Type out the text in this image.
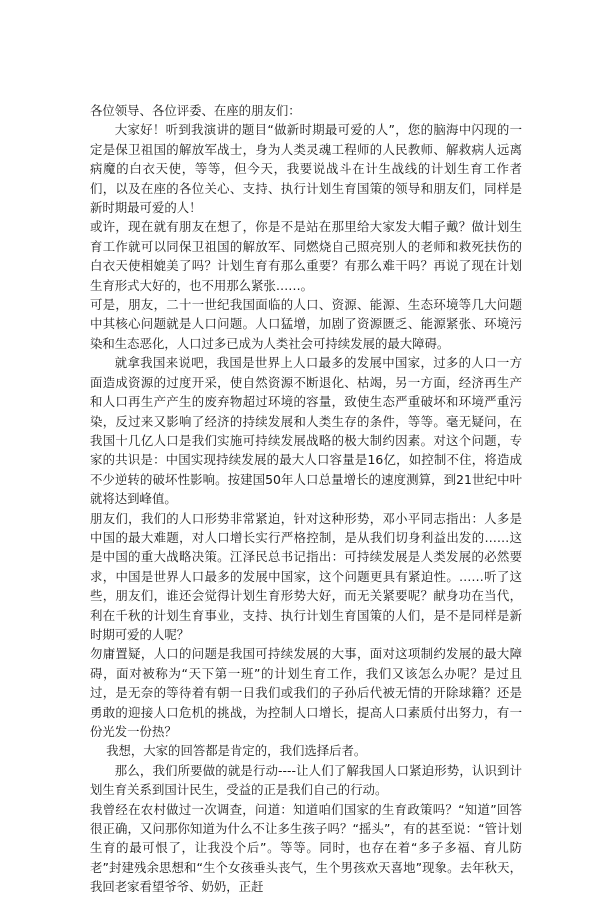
各位领导、各位评委、在座的朋友们：

大家好！听到我演讲的题目“做新时期最可爱的人”，您的脑海中闪现的一定是保卫祖国的解放军战士，身为人类灵魂工程师的人民教师、解救病人远离病魔的白衣天使，等等，但今天，我要说战斗在计生战线的计划生育工作者们，以及在座的各位关心、支持、执行计划生育国策的领导和朋友们，同样是新时期最可爱的人！

或许，现在就有朋友在想了，你是不是站在那里给大家发大帽子戴？做计划生育工作就可以同保卫祖国的解放军、同燃烧自己照亮别人的老师和救死扶伤的白衣天使相媲美了吗？计划生育有那么重要？有那么难干吗？再说了现在计划生育形式大好的，也不用那么紧张……。

可是，朋友，二十一世纪我国面临的人口、资源、能源、生态环境等几大问题中其核心问题就是人口问题。人口猛增，加剧了资源匮乏、能源紧张、环境污染和生态恶化，人口过多已成为人类社会可持续发展的最大障碍。

就拿我国来说吧，我国是世界上人口最多的发展中国家，过多的人口一方面造成资源的过度开采，使自然资源不断退化、枯竭，另一方面，经济再生产和人口再生产产生的废弃物超过环境的容量，致使生态严重破坏和环境严重污染，反过来又影响了经济的持续发展和人类生存的条件，等等。毫无疑问，在我国十几亿人口是我们实施可持续发展战略的极大制约因素。对这个问题，专家的共识是：中国实现持续发展的最大人口容量是16亿，如控制不住，将造成不少逆转的破坏性影响。按建国50年人口总量增长的速度测算，到21世纪中叶就将达到峰值。

朋友们，我们的人口形势非常紧迫，针对这种形势，邓小平同志指出：人多是中国的最大难题，对人口增长实行严格控制，是从我们切身利益出发的……这是中国的重大战略决策。江泽民总书记指出：可持续发展是人类发展的必然要求，中国是世界人口最多的发展中国家，这个问题更具有紧迫性。……听了这些，朋友们，谁还会觉得计划生育形势大好，而无关紧要呢？献身功在当代，利在千秋的计划生育事业，支持、执行计划生育国策的人们，是不是同样是新时期可爱的人呢？

勿庸置疑，人口的问题是我国可持续发展的大事，面对这项制约发展的最大障碍，面对被称为“天下第一班”的计划生育工作，我们又该怎么办呢？是过且过，是无奈的等待着有朝一日我们或我们的子孙后代被无情的开除球籍？还是勇敢的迎接人口危机的挑战，为控制人口增长，提高人口素质付出努力，有一份光发一份热？

我想，大家的回答都是肯定的，我们选择后者。

那么，我们所要做的就是行动----让人们了解我国人口紧迫形势，认识到计划生育关系到国计民生，受益的正是我们自己的行动。

我曾经在农村做过一次调查，问道：知道咱们国家的生育政策吗？“知道”回答很正确，又问那你知道为什么不让多生孩子吗？“摇头”，有的甚至说：“管计划生育的最可恨了，让我没个后”。等等。同时，也存在着“多子多福、育儿防老”封建残余思想和“生个女孩垂头丧气，生个男孩欢天喜地”现象。去年秋天，我回老家看望爷爷、奶奶，正赶
